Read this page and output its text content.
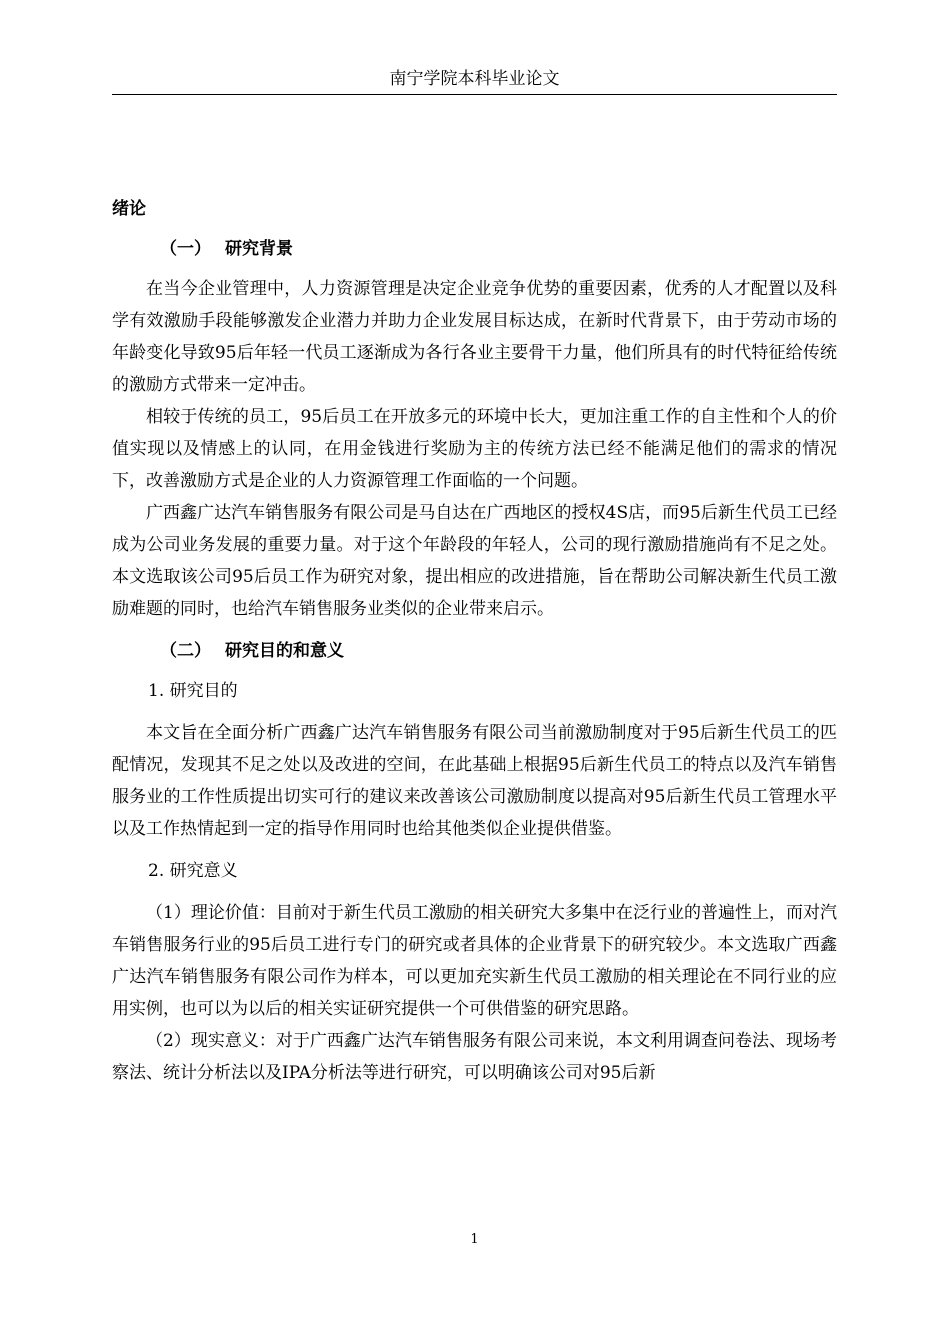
南宁学院本科毕业论文
绪论
（一） 研究背景

在当今企业管理中，人力资源管理是决定企业竞争优势的重要因素，优秀的人才配置以及科学有效激励手段能够激发企业潜力并助力企业发展目标达成，在新时代背景下，由于劳动市场的年龄变化导致95后年轻一代员工逐渐成为各行各业主要骨干力量，他们所具有的时代特征给传统的激励方式带来一定冲击。

相较于传统的员工，95后员工在开放多元的环境中长大，更加注重工作的自主性和个人的价值实现以及情感上的认同，在用金钱进行奖励为主的传统方法已经不能满足他们的需求的情况下，改善激励方式是企业的人力资源管理工作面临的一个问题。

广西鑫广达汽车销售服务有限公司是马自达在广西地区的授权4S店，而95后新生代员工已经成为公司业务发展的重要力量。对于这个年龄段的年轻人，公司的现行激励措施尚有不足之处。本文选取该公司95后员工作为研究对象，提出相应的改进措施，旨在帮助公司解决新生代员工激励难题的同时，也给汽车销售服务业类似的企业带来启示。

（二） 研究目的和意义
1. 研究目的

本文旨在全面分析广西鑫广达汽车销售服务有限公司当前激励制度对于95后新生代员工的匹配情况，发现其不足之处以及改进的空间，在此基础上根据95后新生代员工的特点以及汽车销售服务业的工作性质提出切实可行的建议来改善该公司激励制度以提高对95后新生代员工管理水平以及工作热情起到一定的指导作用同时也给其他类似企业提供借鉴。

2. 研究意义

（1）理论价值：目前对于新生代员工激励的相关研究大多集中在泛行业的普遍性上，而对汽车销售服务行业的95后员工进行专门的研究或者具体的企业背景下的研究较少。本文选取广西鑫广达汽车销售服务有限公司作为样本，可以更加充实新生代员工激励的相关理论在不同行业的应用实例，也可以为以后的相关实证研究提供一个可供借鉴的研究思路。

（2）现实意义：对于广西鑫广达汽车销售服务有限公司来说，本文利用调查问卷法、现场考察法、统计分析法以及IPA分析法等进行研究，可以明确该公司对95后新

1
